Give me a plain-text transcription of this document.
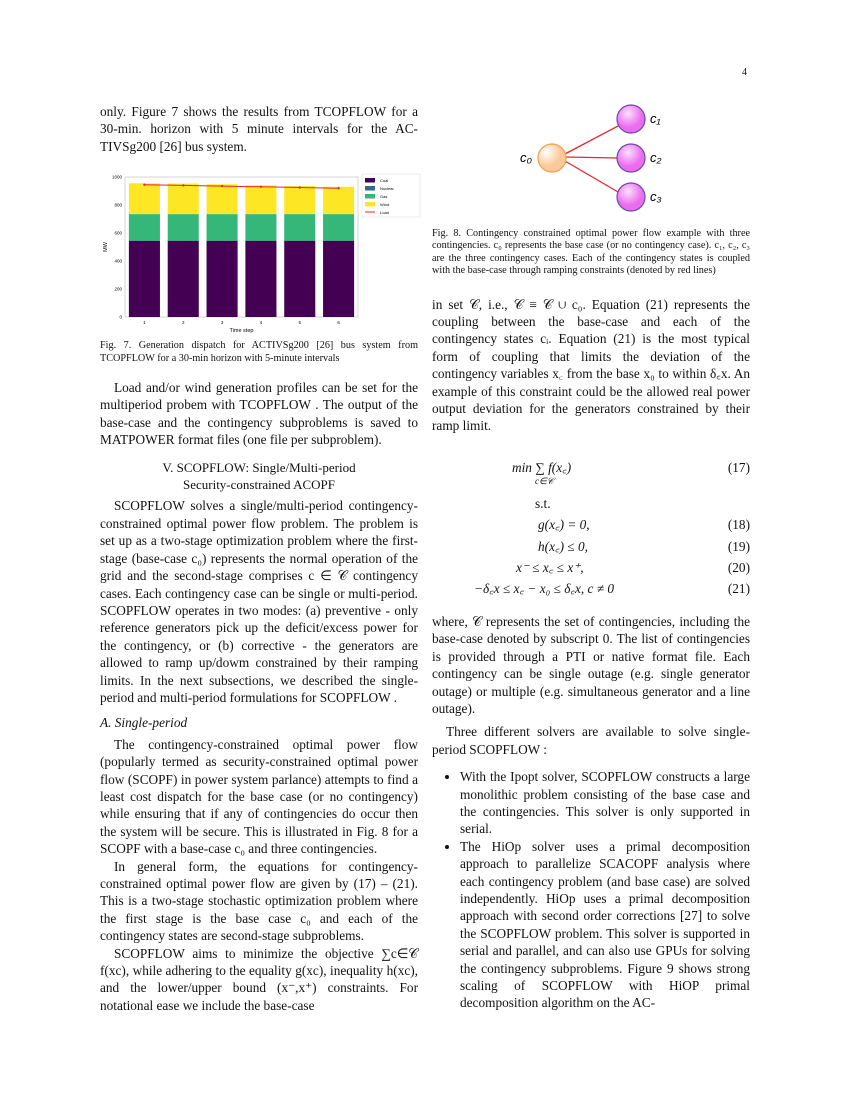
4

only. Figure 7 shows the results from TCOPFLOW for a 30-min. horizon with 5 minute intervals for the AC-TIVSg200 [26] bus system.

1	2	3	4	5	6
0
200
400
600
800
1000
Time step
MW
Coal
Nuclear
Gas
Wind
Load
Fig. 7. Generation dispatch for ACTIVSg200 [26] bus system from TCOPFLOW for a 30-min horizon with 5-minute intervals

Load and/or wind generation profiles can be set for the multiperiod probem with TCOPFLOW . The output of the base-case and the contingency subproblems is saved to MATPOWER format files (one file per subproblem).

V. SCOPFLOW: Single/Multi-period
Security-constrained ACOPF

SCOPFLOW solves a single/multi-period contingency-constrained optimal power flow problem. The problem is set up as a two-stage optimization problem where the first-stage (base-case c₀) represents the normal operation of the grid and the second-stage comprises c ∈ 𝒞 contingency cases. Each contingency case can be single or multi-period. SCOPFLOW operates in two modes: (a) preventive - only reference generators pick up the deficit/excess power for the contingency, or (b) corrective - the generators are allowed to ramp up/dowm constrained by their ramping limits. In the next subsections, we described the single-period and multi-period formulations for SCOPFLOW .

A. Single-period

The contingency-constrained optimal power flow (popularly termed as security-constrained optimal power flow (SCOPF) in power system parlance) attempts to find a least cost dispatch for the base case (or no contingency) while ensuring that if any of contingencies do occur then the system will be secure. This is illustrated in Fig. 8 for a SCOPF with a base-case c₀ and three contingencies.

In general form, the equations for contingency-constrained optimal power flow are given by (17) – (21). This is a two-stage stochastic optimization problem where the first stage is the base case c₀ and each of the contingency states are second-stage subproblems.

SCOPFLOW aims to minimize the objective ∑c∈𝒞 f(xc), while adhering to the equality g(xc), inequality h(xc), and the lower/upper bound (x⁻,x⁺) constraints. For notational ease we include the base-case

c₀
c₁
c₂
c₃
Fig. 8. Contingency constrained optimal power flow example with three contingencies. c₀ represents the base case (or no contingency case). c₁, c₂, c₃ are the three contingency cases. Each of the contingency states is coupled with the base-case through ramping constraints (denoted by red lines)

in set 𝒞, i.e., 𝒞 ≡ 𝒞 ∪ c₀. Equation (21) represents the coupling between the base-case and each of the contingency states cᵢ. Equation (21) is the most typical form of coupling that limits the deviation of the contingency variables x꜀ from the base x₀ to within δ꜀x. An example of this constraint could be the allowed real power output deviation for the generators constrained by their ramp limit.

min ∑ f(x꜀)
c∈𝒞
(17)
s.t.
g(x꜀) = 0,	(18)
h(x꜀) ≤ 0,	(19)
x⁻ ≤ x꜀ ≤ x⁺,	(20)
−δ꜀x ≤ x꜀ − x₀ ≤ δ꜀x, c ≠ 0	(21)

where, 𝒞 represents the set of contingencies, including the base-case denoted by subscript 0. The list of contingencies is provided through a PTI or native format file. Each contingency can be single outage (e.g. single generator outage) or multiple (e.g. simultaneous generator and a line outage).

Three different solvers are available to solve single-period SCOPFLOW :

• With the Ipopt solver, SCOPFLOW constructs a large monolithic problem consisting of the base case and the contingencies. This solver is only supported in serial.
• The HiOp solver uses a primal decomposition approach to parallelize SCACOPF analysis where each contingency problem (and base case) are solved independently. HiOp uses a primal decomposition approach with second order corrections [27] to solve the SCOPFLOW problem. This solver is supported in serial and parallel, and can also use GPUs for solving the contingency subproblems. Figure 9 shows strong scaling of SCOPFLOW with HiOP primal decomposition algorithm on the AC-
